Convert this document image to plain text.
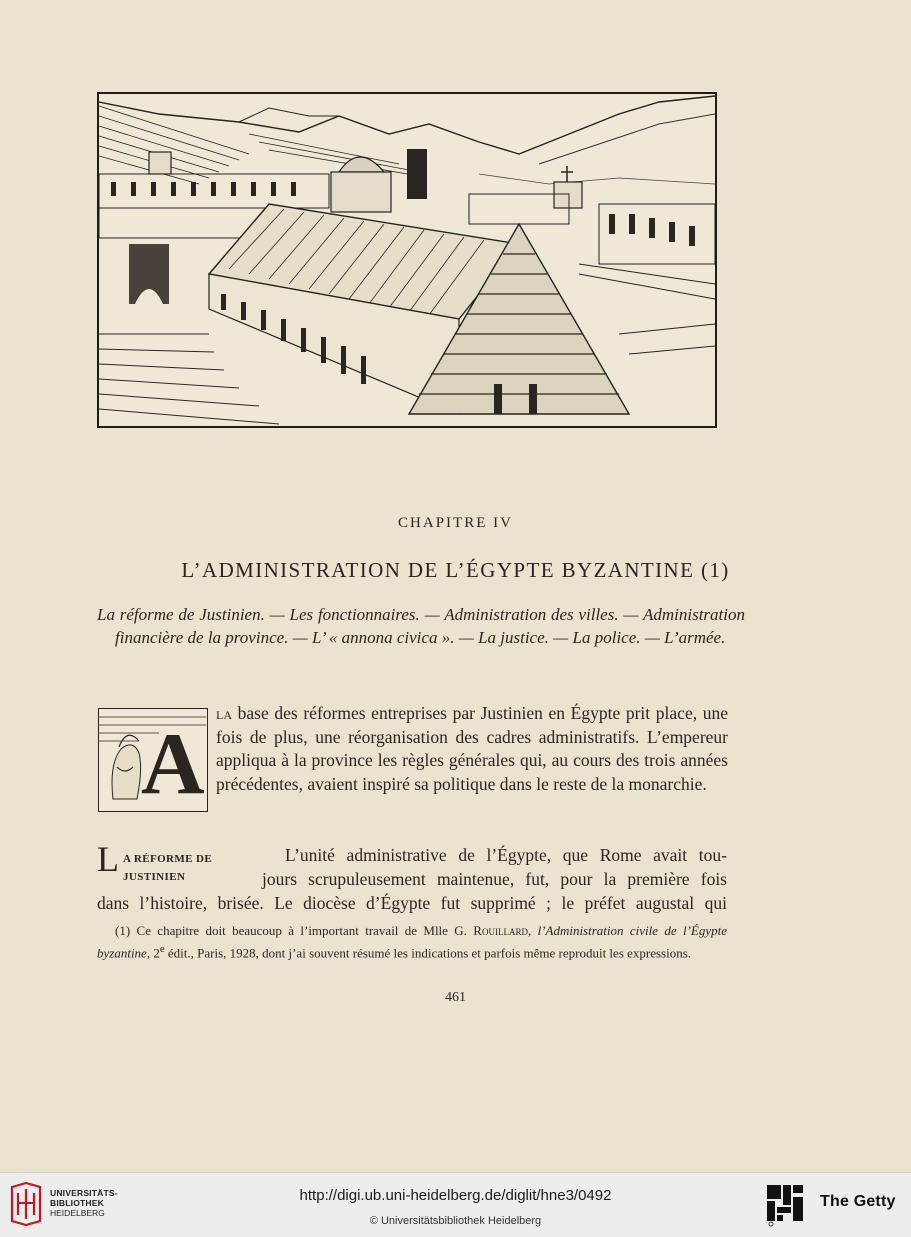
CHAPITRE IV
L’ADMINISTRATION DE L’ÉGYPTE BYZANTINE (1)
La réforme de Justinien. — Les fonctionnaires. — Administration des villes. — Administration financière de la province. — L’ « annona civica ». — La justice. — La police. — L’armée.
A
la base des réformes entreprises par Justinien en Égypte prit place, une fois de plus, une réorganisation des cadres administratifs. L’empereur appliqua à la province les règles générales qui, au cours des trois années précédentes, avaient inspiré sa politique dans le reste de la monarchie.
L A RÉFORME DE
JUSTINIEN
L’unité administrative de l’Égypte, que Rome avait tou-
jours scrupuleusement maintenue, fut, pour la première fois
dans l’histoire, brisée. Le diocèse d’Égypte fut supprimé ; le préfet augustal qui
(1) Ce chapitre doit beaucoup à l’important travail de Mlle G. Rouillard, l’Administration civile de l’Égypte byzantine, 2e édit., Paris, 1928, dont j’ai souvent résumé les indications et parfois même reproduit les expressions.
461
UNIVERSITÄTS-
BIBLIOTHEK
HEIDELBERG
http://digi.ub.uni-heidelberg.de/diglit/hne3/0492
© Universitätsbibliothek Heidelberg
The Getty
